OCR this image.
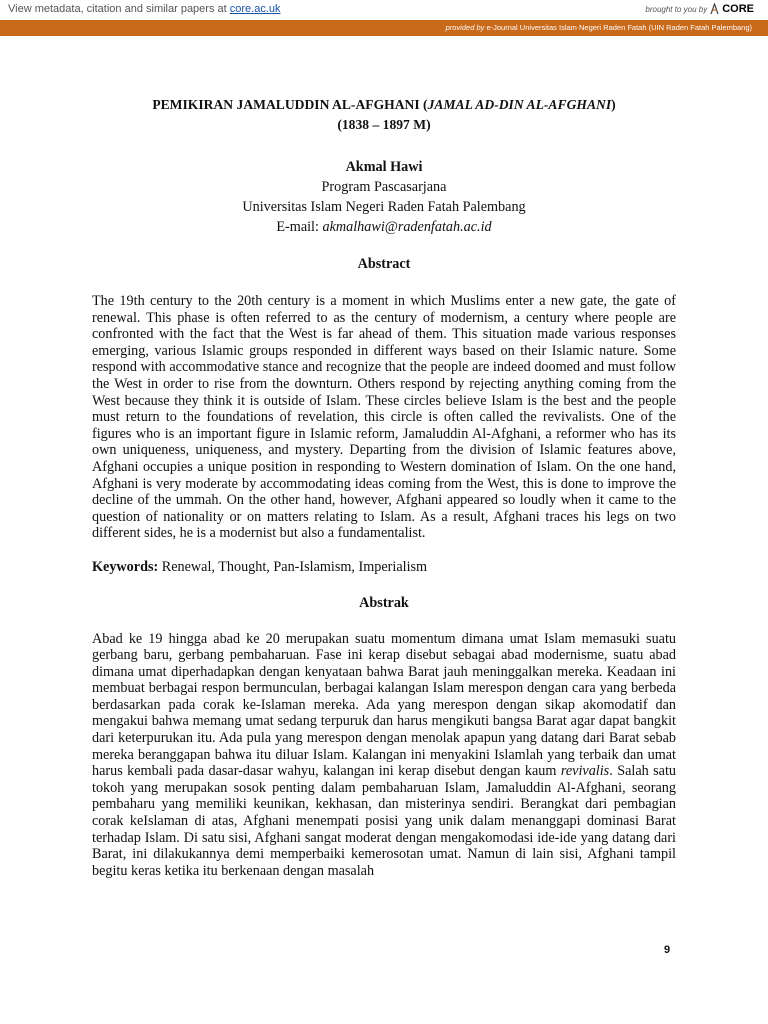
View metadata, citation and similar papers at core.ac.uk	brought to you by CORE
provided by e-Journal Universitas Islam Negeri Raden Fatah (UIN Raden Fatah Palembang)
PEMIKIRAN JAMALUDDIN AL-AFGHANI (JAMAL AD-DIN AL-AFGHANI)
(1838 – 1897 M)
Akmal Hawi
Program Pascasarjana
Universitas Islam Negeri Raden Fatah Palembang
E-mail: akmalhawi@radenfatah.ac.id
Abstract
The 19th century to the 20th century is a moment in which Muslims enter a new gate, the gate of renewal. This phase is often referred to as the century of modernism, a century where people are confronted with the fact that the West is far ahead of them. This situation made various responses emerging, various Islamic groups responded in different ways based on their Islamic nature. Some respond with accommodative stance and recognize that the people are indeed doomed and must follow the West in order to rise from the downturn. Others respond by rejecting anything coming from the West because they think it is outside of Islam. These circles believe Islam is the best and the people must return to the foundations of revelation, this circle is often called the revivalists. One of the figures who is an important figure in Islamic reform, Jamaluddin Al-Afghani, a reformer who has its own uniqueness, uniqueness, and mystery. Departing from the division of Islamic features above, Afghani occupies a unique position in responding to Western domination of Islam. On the one hand, Afghani is very moderate by accommodating ideas coming from the West, this is done to improve the decline of the ummah. On the other hand, however, Afghani appeared so loudly when it came to the question of nationality or on matters relating to Islam. As a result, Afghani traces his legs on two different sides, he is a modernist but also a fundamentalist.
Keywords: Renewal, Thought, Pan-Islamism, Imperialism
Abstrak
Abad ke 19 hingga abad ke 20 merupakan suatu momentum dimana umat Islam memasuki suatu gerbang baru, gerbang pembaharuan. Fase ini kerap disebut sebagai abad modernisme, suatu abad dimana umat diperhadapkan dengan kenyataan bahwa Barat jauh meninggalkan mereka. Keadaan ini membuat berbagai respon bermunculan, berbagai kalangan Islam merespon dengan cara yang berbeda berdasarkan pada corak ke-Islaman mereka. Ada yang merespon dengan sikap akomodatif dan mengakui bahwa memang umat sedang terpuruk dan harus mengikuti bangsa Barat agar dapat bangkit dari keterpurukan itu. Ada pula yang merespon dengan menolak apapun yang datang dari Barat sebab mereka beranggapan bahwa itu diluar Islam. Kalangan ini menyakini Islamlah yang terbaik dan umat harus kembali pada dasar-dasar wahyu, kalangan ini kerap disebut dengan kaum revivalis. Salah satu tokoh yang merupakan sosok penting dalam pembaharuan Islam, Jamaluddin Al-Afghani, seorang pembaharu yang memiliki keunikan, kekhasan, dan misterinya sendiri. Berangkat dari pembagian corak keIslaman di atas, Afghani menempati posisi yang unik dalam menanggapi dominasi Barat terhadap Islam. Di satu sisi, Afghani sangat moderat dengan mengakomodasi ide-ide yang datang dari Barat, ini dilakukannya demi memperbaiki kemerosotan umat. Namun di lain sisi, Afghani tampil begitu keras ketika itu berkenaan dengan masalah
9
